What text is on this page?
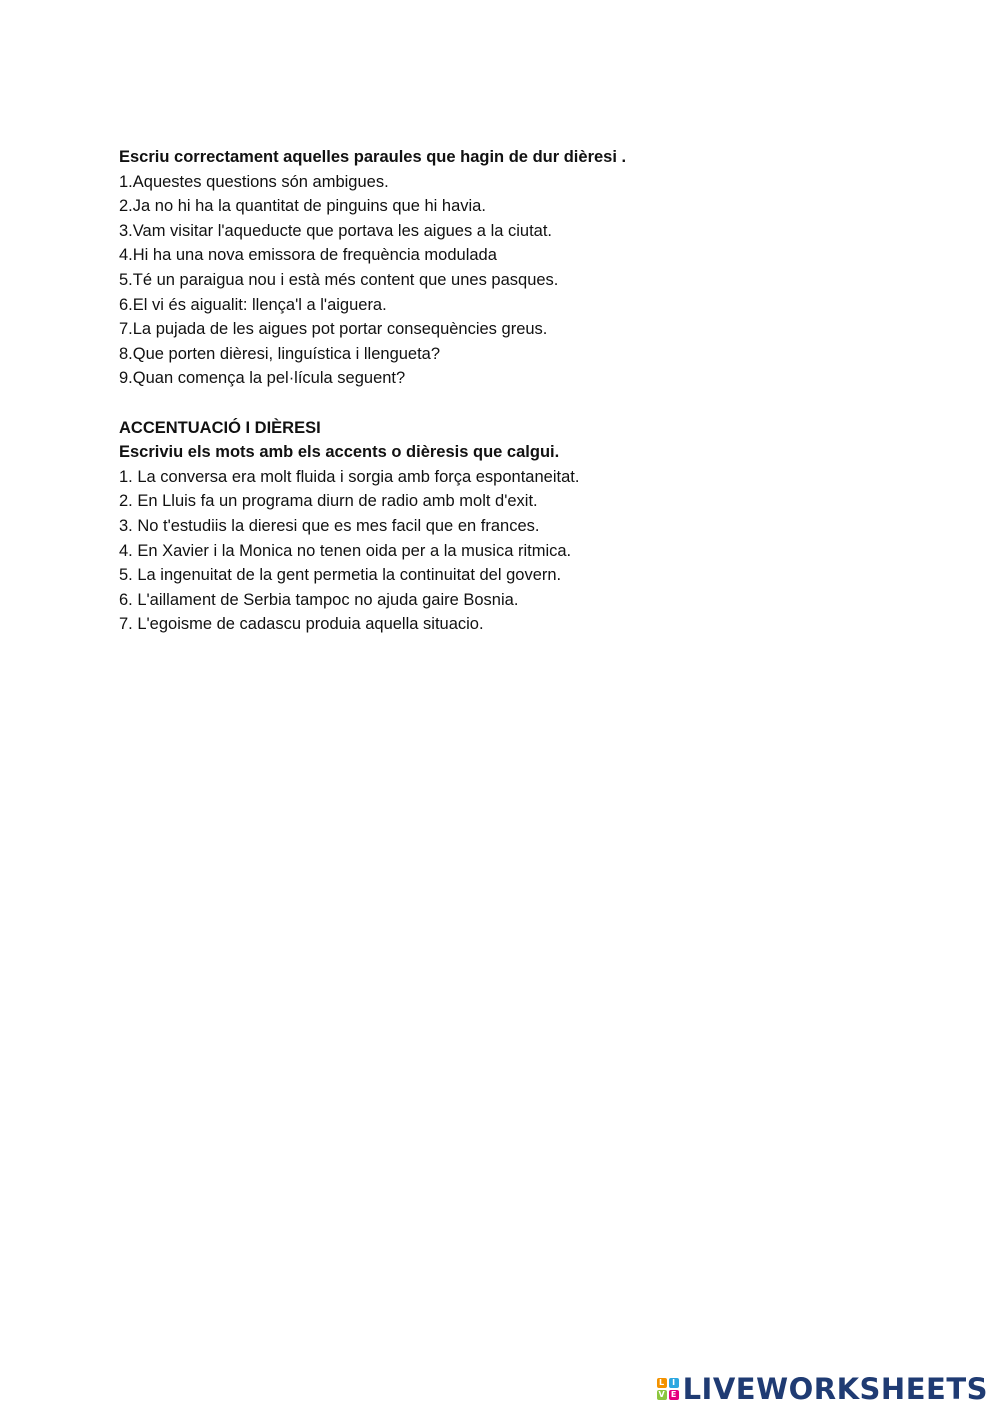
Escriu correctament aquelles paraules que hagin de dur dièresi .
1.Aquestes questions són ambigues.
2.Ja no hi ha la quantitat de pinguins que hi havia.
3.Vam visitar l'aqueducte que portava les aigues a la ciutat.
4.Hi ha una nova emissora de frequència modulada
5.Té un paraigua nou i està més content que unes pasques.
6.El vi és aigualit: llença'l a l'aiguera.
7.La pujada de les aigues pot portar consequències greus.
8.Que porten dièresi, linguística i llengueta?
9.Quan comença la pel·lícula seguent?
ACCENTUACIÓ I DIÈRESI
Escriviu els mots amb els accents o dièresis que calgui.
1. La conversa era molt fluida i sorgia amb força espontaneitat.
2. En Lluis fa un programa diurn de radio amb molt d'exit.
3. No t'estudiis la dieresi que es mes facil que en frances.
4. En Xavier i la Monica no tenen oida per a la musica ritmica.
5. La ingenuitat de la gent permetia la continuitat del govern.
6. L'aillament de Serbia tampoc no ajuda gaire Bosnia.
7. L'egoisme de cadascu produia aquella situacio.
L I
V E LIVEWORKSHEETS
